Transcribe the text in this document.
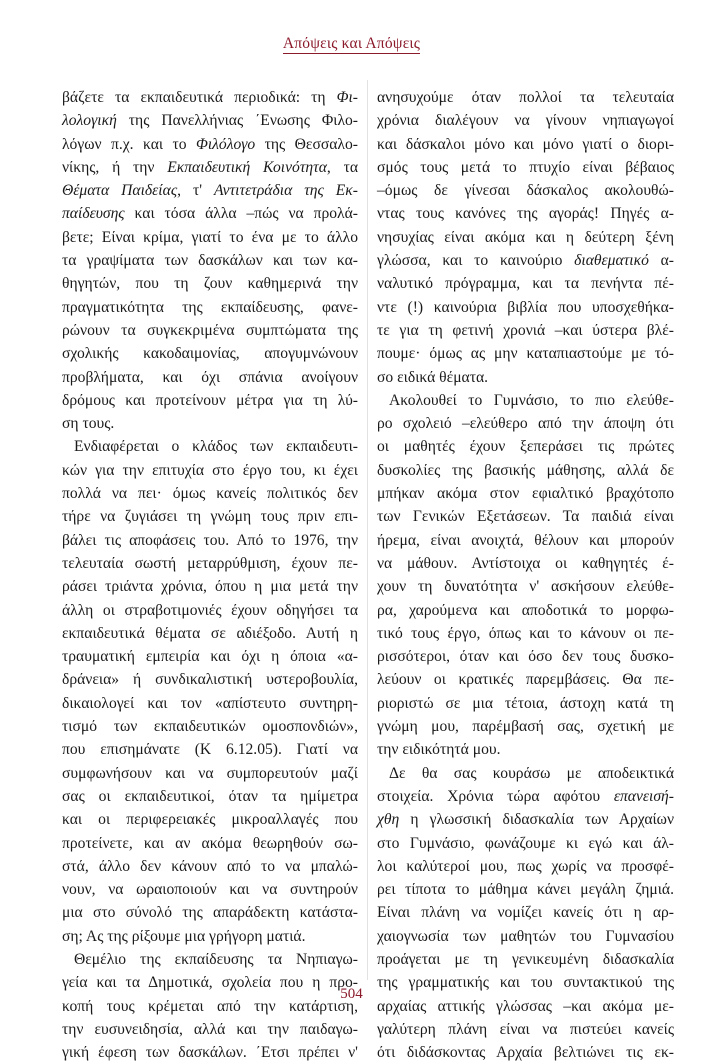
Απόψεις και Απόψεις
βάζετε τα εκπαιδευτικά περιοδικά: τη Φι-
λολογική της Πανελλήνιας ΄Ενωσης Φιλο-
λόγων π.χ. και το Φιλόλογο της Θεσσαλο-
νίκης, ή την Εκπαιδευτική Κοινότητα, τα
Θέματα Παιδείας, τ' Αντιτετράδια της Εκ-
παίδευσης και τόσα άλλα –πώς να προλά-
βετε; Είναι κρίμα, γιατί το ένα με το άλλο
τα γραψίματα των δασκάλων και των κα-
θηγητών, που τη ζουν καθημερινά την
πραγματικότητα της εκπαίδευσης, φανε-
ρώνουν τα συγκεκριμένα συμπτώματα της
σχολικής κακοδαιμονίας, απογυμνώνουν
προβλήματα, και όχι σπάνια ανοίγουν
δρόμους και προτείνουν μέτρα για τη λύ-
ση τους.
Ενδιαφέρεται ο κλάδος των εκπαιδευτι-
κών για την επιτυχία στο έργο του, κι έχει
πολλά να πει· όμως κανείς πολιτικός δεν
τήρε να ζυγιάσει τη γνώμη τους πριν επι-
βάλει τις αποφάσεις του. Από το 1976, την
τελευταία σωστή μεταρρύθμιση, έχουν πε-
ράσει τριάντα χρόνια, όπου η μια μετά την
άλλη οι στραβοτιμονιές έχουν οδηγήσει τα
εκπαιδευτικά θέματα σε αδιέξοδο. Αυτή η
τραυματική εμπειρία και όχι η όποια «α-
δράνεια» ή συνδικαλιστική υστεροβουλία,
δικαιολογεί και τον «απίστευτο συντηρη-
τισμό των εκπαιδευτικών ομοσπονδιών»,
που επισημάνατε (Κ 6.12.05). Γιατί να
συμφωνήσουν και να συμπορευτούν μαζί
σας οι εκπαιδευτικοί, όταν τα ημίμετρα
και οι περιφερειακές μικροαλλαγές που
προτείνετε, και αν ακόμα θεωρηθούν σω-
στά, άλλο δεν κάνουν από το να μπαλώ-
νουν, να ωραιοποιούν και να συντηρούν
μια στο σύνολό της απαράδεκτη κατάστα-
ση; Ας της ρίξουμε μια γρήγορη ματιά.
Θεμέλιο της εκπαίδευσης τα Νηπιαγω-
γεία και τα Δημοτικά, σχολεία που η προ-
κοπή τους κρέμεται από την κατάρτιση,
την ευσυνειδησία, αλλά και την παιδαγω-
γική έφεση των δασκάλων. ΄Ετσι πρέπει ν'
ανησυχούμε όταν πολλοί τα τελευταία
χρόνια διαλέγουν να γίνουν νηπιαγωγοί
και δάσκαλοι μόνο και μόνο γιατί ο διορι-
σμός τους μετά το πτυχίο είναι βέβαιος
–όμως δε γίνεσαι δάσκαλος ακολουθώ-
ντας τους κανόνες της αγοράς! Πηγές α-
νησυχίας είναι ακόμα και η δεύτερη ξένη
γλώσσα, και το καινούριο διαθεματικό α-
ναλυτικό πρόγραμμα, και τα πενήντα πέ-
ντε (!) καινούρια βιβλία που υποσχεθήκα-
τε για τη φετινή χρονιά –και ύστερα βλέ-
πουμε· όμως ας μην καταπιαστούμε με τό-
σο ειδικά θέματα.
Ακολουθεί το Γυμνάσιο, το πιο ελεύθε-
ρο σχολειό –ελεύθερο από την άποψη ότι
οι μαθητές έχουν ξεπεράσει τις πρώτες
δυσκολίες της βασικής μάθησης, αλλά δε
μπήκαν ακόμα στον εφιαλτικό βραχότοπο
των Γενικών Εξετάσεων. Τα παιδιά είναι
ήρεμα, είναι ανοιχτά, θέλουν και μπορούν
να μάθουν. Αντίστοιχα οι καθηγητές έ-
χουν τη δυνατότητα ν' ασκήσουν ελεύθε-
ρα, χαρούμενα και αποδοτικά το μορφω-
τικό τους έργο, όπως και το κάνουν οι πε-
ρισσότεροι, όταν και όσο δεν τους δυσκο-
λεύουν οι κρατικές παρεμβάσεις. Θα πε-
ριοριστώ σε μια τέτοια, άστοχη κατά τη
γνώμη μου, παρέμβασή σας, σχετική με
την ειδικότητά μου.
Δε θα σας κουράσω με αποδεικτικά
στοιχεία. Χρόνια τώρα αφότου επανεισή-
χθη η γλωσσική διδασκαλία των Αρχαίων
στο Γυμνάσιο, φωνάζουμε κι εγώ και άλ-
λοι καλύτεροί μου, πως χωρίς να προσφέ-
ρει τίποτα το μάθημα κάνει μεγάλη ζημιά.
Είναι πλάνη να νομίζει κανείς ότι η αρ-
χαιογνωσία των μαθητών του Γυμνασίου
προάγεται με τη γενικευμένη διδασκαλία
της γραμματικής και του συντακτικού της
αρχαίας αττικής γλώσσας –και ακόμα με-
γαλύτερη πλάνη είναι να πιστεύει κανείς
ότι διδάσκοντας Αρχαία βελτιώνει τις εκ-
504
